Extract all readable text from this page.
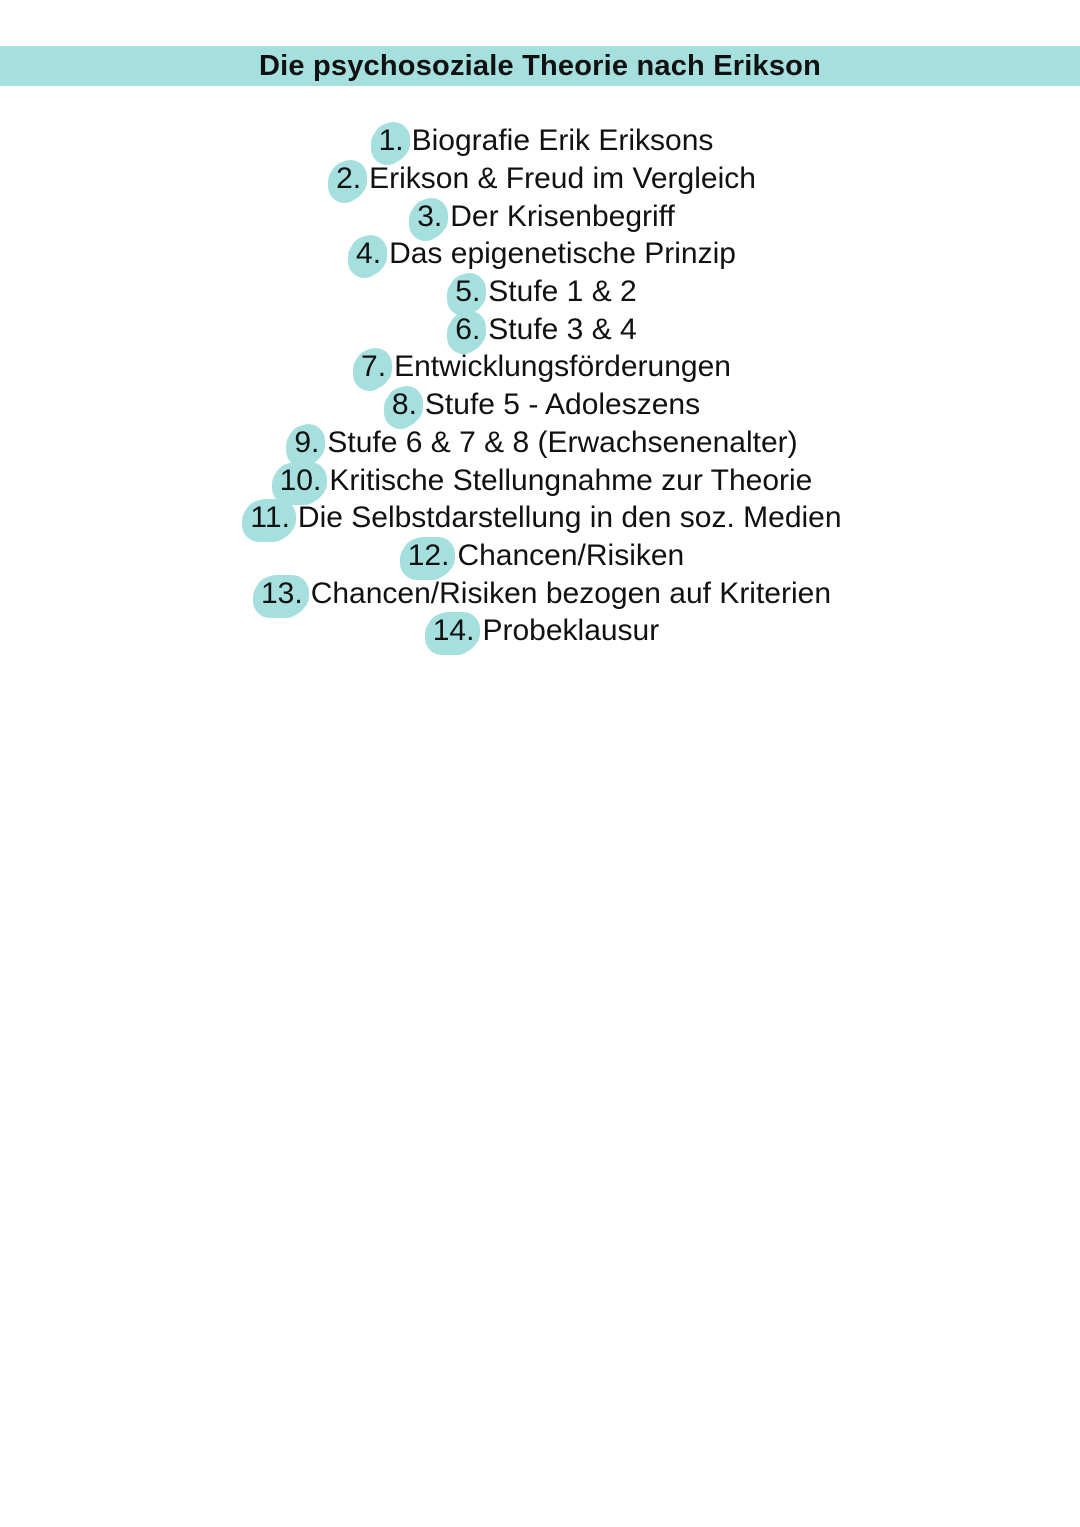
Die psychosoziale Theorie nach Erikson
1. Biografie Erik Eriksons
2. Erikson & Freud im Vergleich
3. Der Krisenbegriff
4. Das epigenetische Prinzip
5. Stufe 1 & 2
6. Stufe 3 & 4
7. Entwicklungsförderungen
8. Stufe 5 - Adoleszens
9. Stufe 6 & 7 & 8 (Erwachsenenalter)
10. Kritische Stellungnahme zur Theorie
11. Die Selbstdarstellung in den soz. Medien
12. Chancen/Risiken
13. Chancen/Risiken bezogen auf Kriterien
14. Probeklausur
